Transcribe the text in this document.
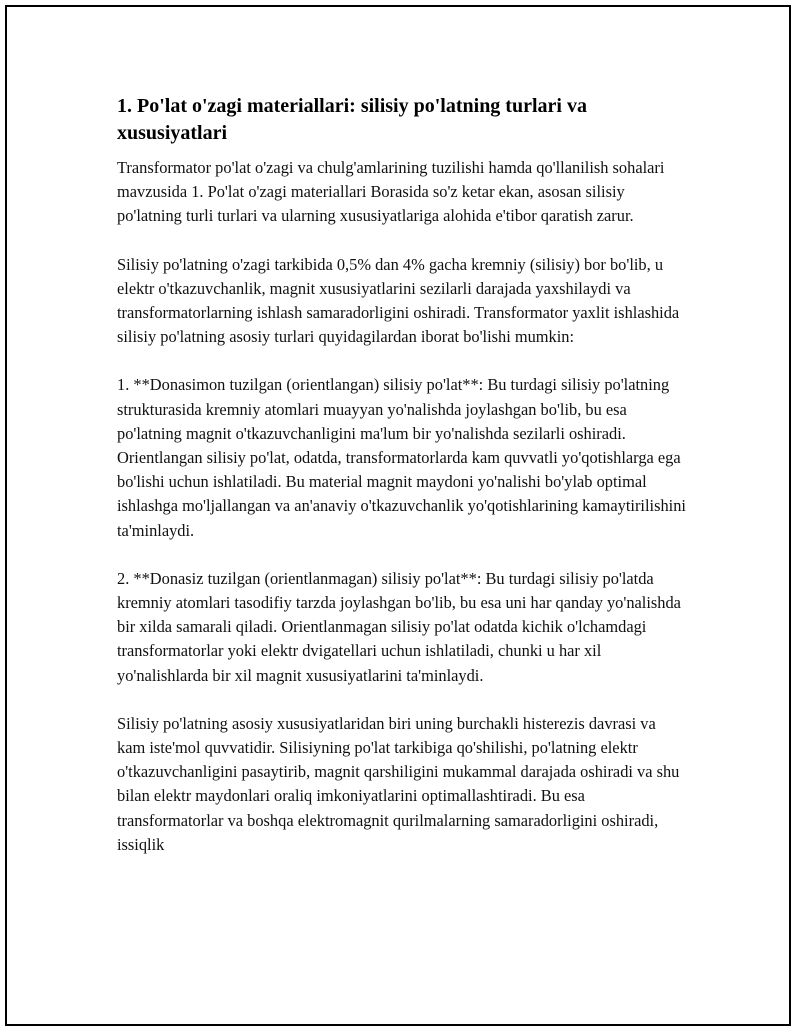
1. Po'lat o'zagi materiallari: silisiy po'latning turlari va xususiyatlari

Transformator po'lat o'zagi va chulg'amlarining tuzilishi hamda qo'llanilish sohalari mavzusida 1. Po'lat o'zagi materiallari Borasida so'z ketar ekan, asosan silisiy po'latning turli turlari va ularning xususiyatlariga alohida e'tibor qaratish zarur.

Silisiy po'latning o'zagi tarkibida 0,5% dan 4% gacha kremniy (silisiy) bor bo'lib, u elektr o'tkazuvchanlik, magnit xususiyatlarini sezilarli darajada yaxshilaydi va transformatorlarning ishlash samaradorligini oshiradi. Transformator yaxlit ishlashida silisiy po'latning asosiy turlari quyidagilardan iborat bo'lishi mumkin:

1. **Donasimon tuzilgan (orientlangan) silisiy po'lat**: Bu turdagi silisiy po'latning strukturasida kremniy atomlari muayyan yo'nalishda joylashgan bo'lib, bu esa po'latning magnit o'tkazuvchanligini ma'lum bir yo'nalishda sezilarli oshiradi. Orientlangan silisiy po'lat, odatda, transformatorlarda kam quvvatli yo'qotishlarga ega bo'lishi uchun ishlatiladi. Bu material magnit maydoni yo'nalishi bo'ylab optimal ishlashga mo'ljallangan va an'anaviy o'tkazuvchanlik yo'qotishlarining kamaytirilishini ta'minlaydi.

2. **Donasiz tuzilgan (orientlanmagan) silisiy po'lat**: Bu turdagi silisiy po'latda kremniy atomlari tasodifiy tarzda joylashgan bo'lib, bu esa uni har qanday yo'nalishda bir xilda samarali qiladi. Orientlanmagan silisiy po'lat odatda kichik o'lchamdagi transformatorlar yoki elektr dvigatellari uchun ishlatiladi, chunki u har xil yo'nalishlarda bir xil magnit xususiyatlarini ta'minlaydi.

Silisiy po'latning asosiy xususiyatlaridan biri uning burchakli histerezis davrasi va kam iste'mol quvvatidir. Silisiyning po'lat tarkibiga qo'shilishi, po'latning elektr o'tkazuvchanligini pasaytirib, magnit qarshiligini mukammal darajada oshiradi va shu bilan elektr maydonlari oraliq imkoniyatlarini optimallashtiradi. Bu esa transformatorlar va boshqa elektromagnit qurilmalarning samaradorligini oshiradi, issiqlik
